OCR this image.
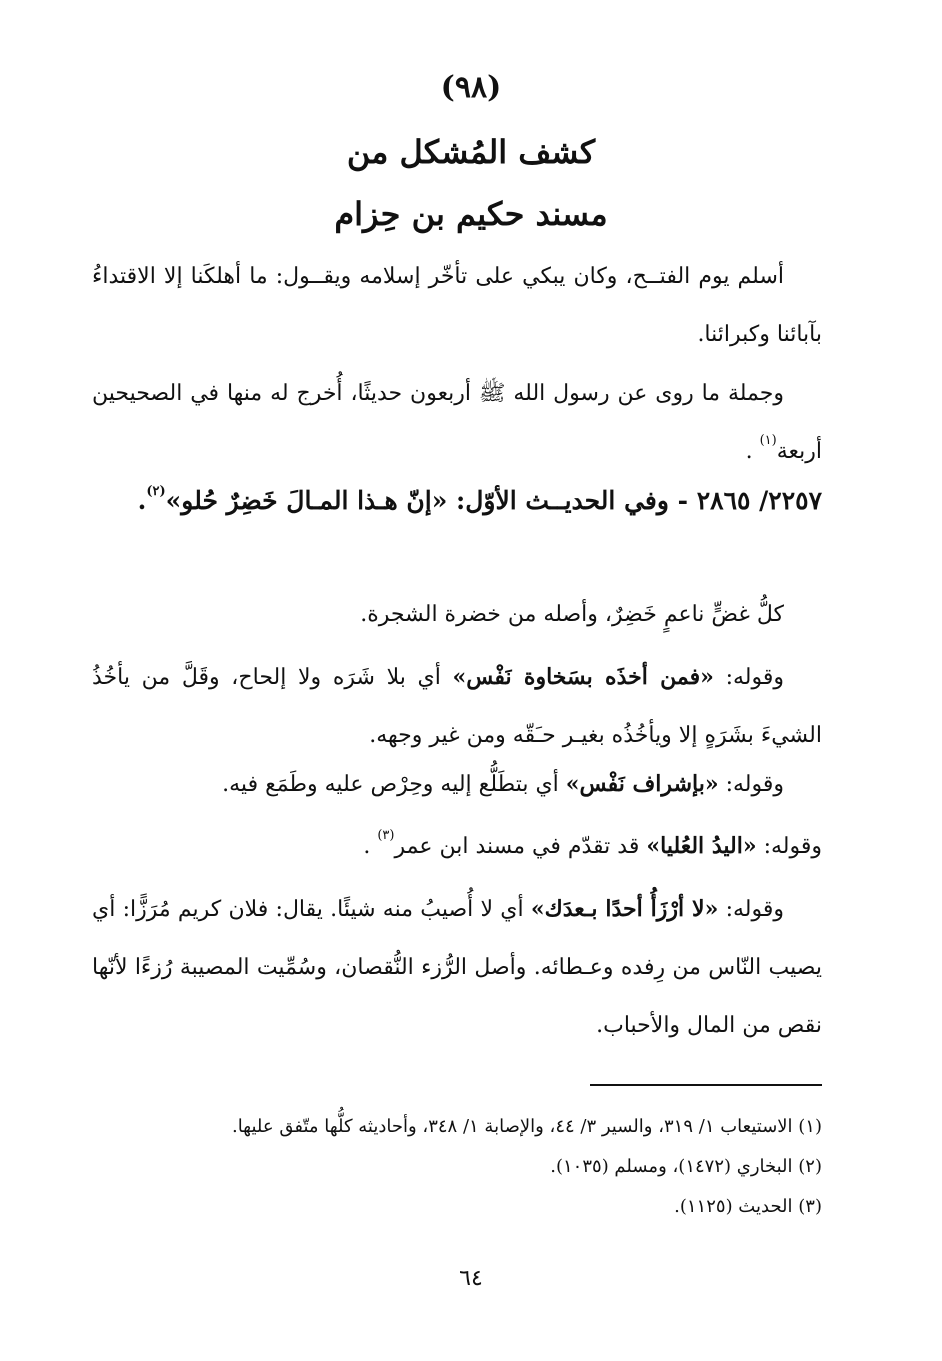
(٩٨)
كشف المُشكل من
مسند حكيم بن حِزام
أسلم يوم الفتــح، وكان يبكي على تأخّر إسلامه ويقــول: ما أهلكَنا إلا الاقتداءُ بآبائنا وكبرائنا.
وجملة ما روى عن رسول الله ﷺ أربعون حديثًا، أُخرج له منها في الصحيحين أربعة$^{(١)}$ .
٢٢٥٧/ ٢٨٦٥ - وفي الحديــث الأوّل: «إنّ هـذا المـالَ خَضِرٌ حُلو»$^{(٢)}$.
كلُّ غضٍّ ناعمٍ خَضِرٌ، وأصله من خضرة الشجرة.
وقوله: «فمن أخذَه بسَخاوة نَفْس» أي بلا شَرَه ولا إلحاح، وقَلَّ من يأخُذُ الشيءَ بشَرَهٍ إلا ويأخُذُه بغيـر حـَقّه ومن غير وجهه.
وقوله: «بإشراف نَفْس» أي بتطَلُّع إليه وحِرْص عليه وطَمَع فيه.
وقوله: «اليدُ العُليا» قد تقدّم في مسند ابن عمر$^{(٣)}$ .
وقوله: «لا أرْزَأُ أحدًا بـعدَك» أي لا أُصيبُ منه شيئًا. يقال: فلان كريم مُرَزًّا: أي يصيب النّاس من رِفده وعـطائه. وأصل الرُّزء النُّقصان، وسُمِّيت المصيبة رُزءًا لأنّها نقص من المال والأحباب.
(١) الاستيعاب ١/ ٣١٩، والسير ٣/ ٤٤، والإصابة ١/ ٣٤٨، وأحاديثه كلُّها متّفق عليها.
(٢) البخاري (١٤٧٢)، ومسلم (١٠٣٥).
(٣) الحديث (١١٢٥).
٦٤
